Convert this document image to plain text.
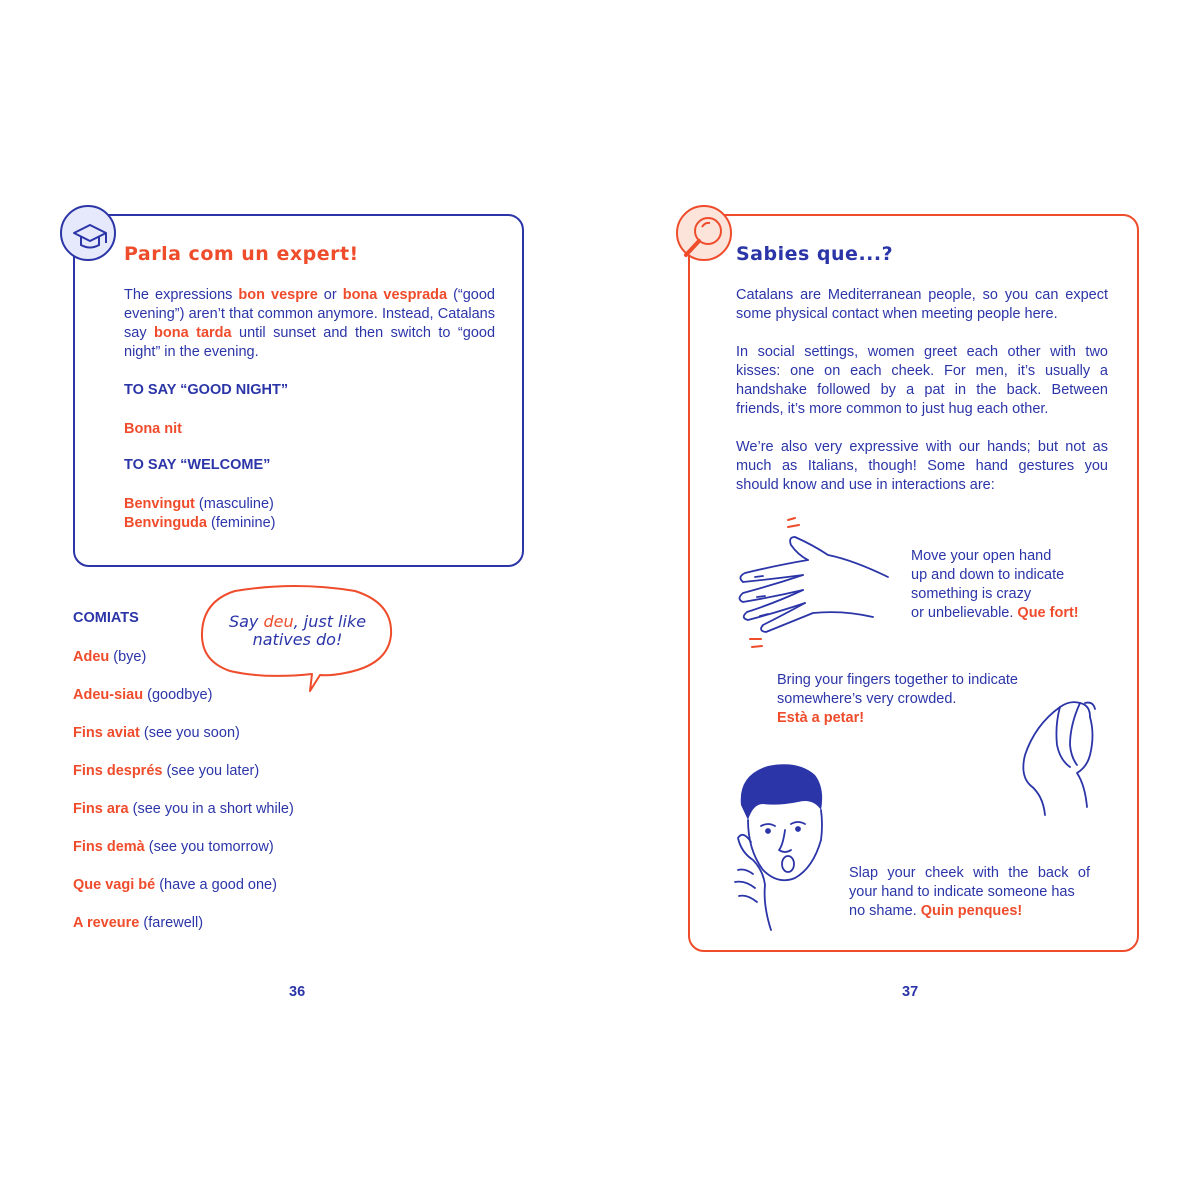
Parla com un expert!

The expressions bon vespre or bona vesprada (“good evening”) aren’t that common anymore. Instead, Catalans say bona tarda until sunset and then switch to “good night” in the evening.

TO SAY “GOOD NIGHT”
Bona nit
TO SAY “WELCOME”
Benvingut (masculine)
Benvinguda (feminine)
COMIATS
Adeu (bye)
Adeu-siau (goodbye)
Fins aviat (see you soon)
Fins després (see you later)
Fins ara (see you in a short while)
Fins demà (see you tomorrow)
Que vagi bé (have a good one)
A reveure (farewell)
Say deu, just like
natives do!
36
Sabies que...?

Catalans are Mediterranean people, so you can expect some physical contact when meeting people here.

In social settings, women greet each other with two kisses: one on each cheek. For men, it’s usually a handshake followed by a pat in the back. Between friends, it’s more common to just hug each other.

We’re also very expressive with our hands; but not as much as Italians, though! Some hand gestures you should know and use in interactions are:

Move your open hand
up and down to indicate
something is crazy
or unbelievable. Que fort!
Bring your fingers together to indicate
somewhere’s very crowded.
Està a petar!
Slap your cheek with the back of
your hand to indicate someone has
no shame. Quin penques!
37
